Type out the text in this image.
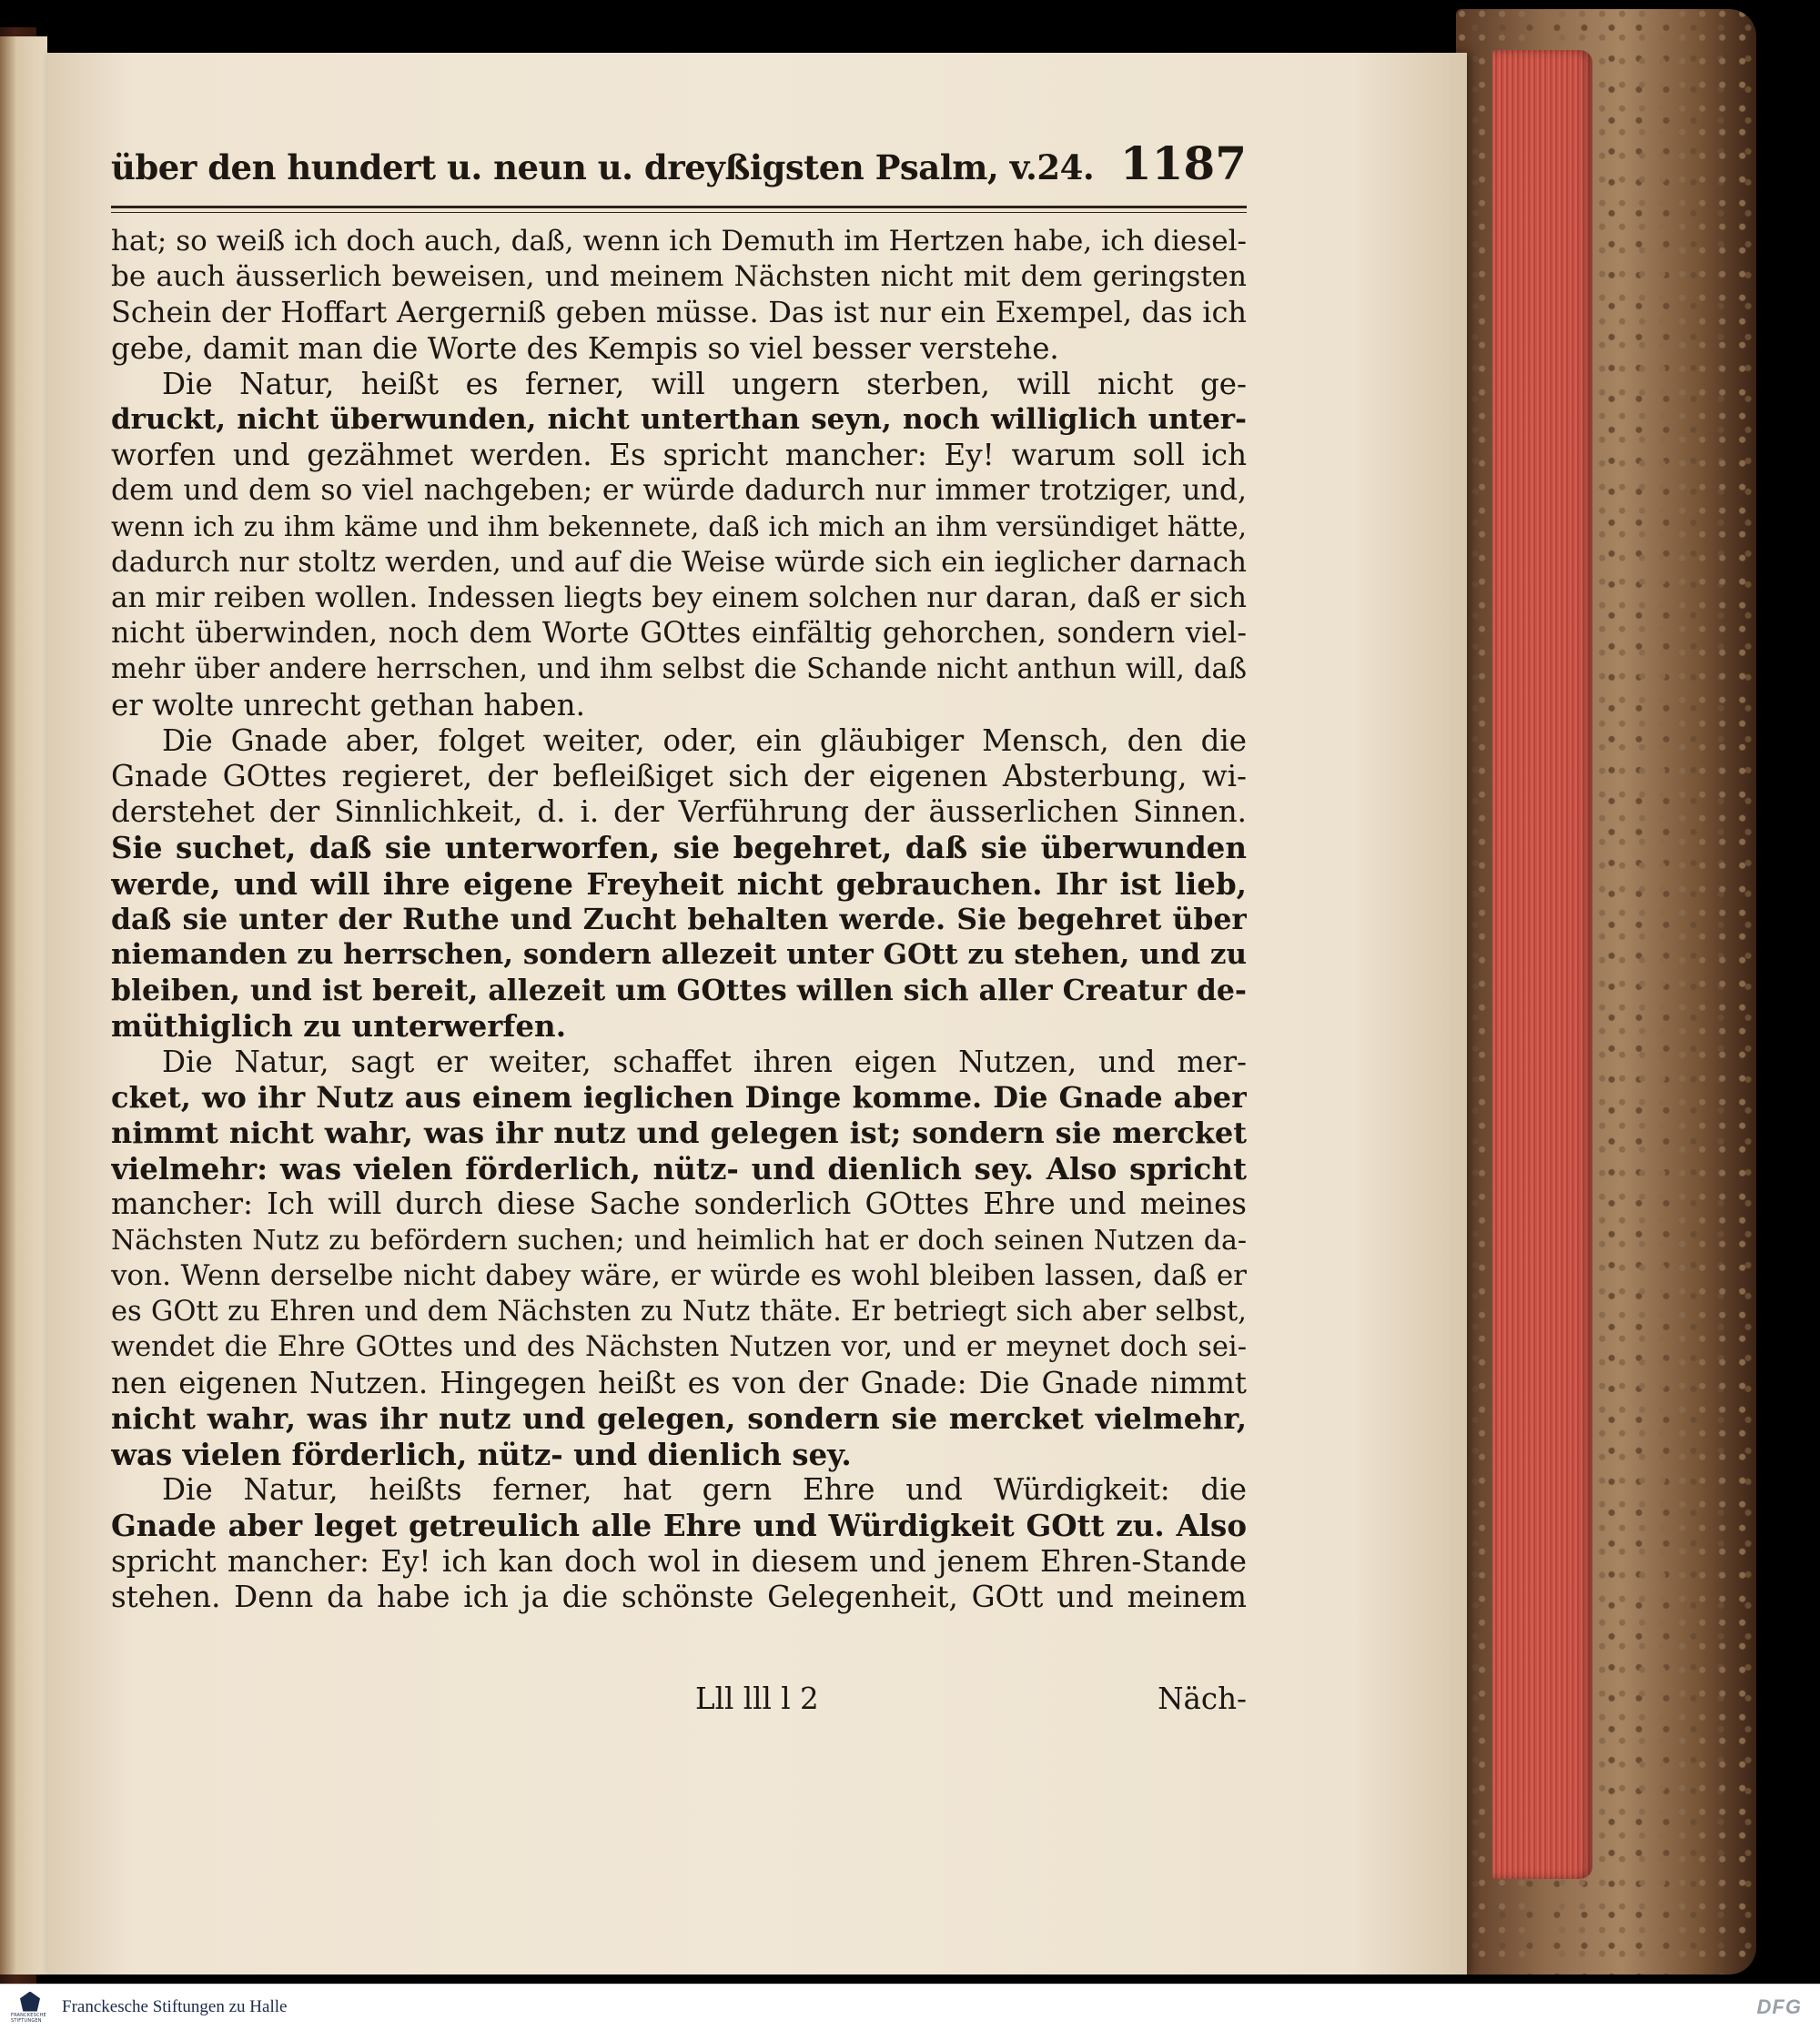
über den hundert u. neun u. dreyßigsten Psalm, v.24. 1187
hat; so weiß ich doch auch, daß, wenn ich Demuth im Hertzen habe, ich diesel-
be auch äusserlich beweisen, und meinem Nächsten nicht mit dem geringsten
Schein der Hoffart Aergerniß geben müsse. Das ist nur ein Exempel, das ich
gebe, damit man die Worte des Kempis so viel besser verstehe.
Die Natur, heißt es ferner, will ungern sterben, will nicht ge-
druckt, nicht überwunden, nicht unterthan seyn, noch williglich unter-
worfen und gezähmet werden. Es spricht mancher: Ey! warum soll ich
dem und dem so viel nachgeben; er würde dadurch nur immer trotziger, und,
wenn ich zu ihm käme und ihm bekennete, daß ich mich an ihm versündiget hätte,
dadurch nur stoltz werden, und auf die Weise würde sich ein ieglicher darnach
an mir reiben wollen. Indessen liegts bey einem solchen nur daran, daß er sich
nicht überwinden, noch dem Worte GOttes einfältig gehorchen, sondern viel-
mehr über andere herrschen, und ihm selbst die Schande nicht anthun will, daß
er wolte unrecht gethan haben.
Die Gnade aber, folget weiter, oder, ein gläubiger Mensch, den die
Gnade GOttes regieret, der befleißiget sich der eigenen Absterbung, wi-
derstehet der Sinnlichkeit, d. i. der Verführung der äusserlichen Sinnen.
Sie suchet, daß sie unterworfen, sie begehret, daß sie überwunden
werde, und will ihre eigene Freyheit nicht gebrauchen. Ihr ist lieb,
daß sie unter der Ruthe und Zucht behalten werde. Sie begehret über
niemanden zu herrschen, sondern allezeit unter GOtt zu stehen, und zu
bleiben, und ist bereit, allezeit um GOttes willen sich aller Creatur de-
müthiglich zu unterwerfen.
Die Natur, sagt er weiter, schaffet ihren eigen Nutzen, und mer-
cket, wo ihr Nutz aus einem ieglichen Dinge komme. Die Gnade aber
nimmt nicht wahr, was ihr nutz und gelegen ist; sondern sie mercket
vielmehr: was vielen förderlich, nütz- und dienlich sey. Also spricht
mancher: Ich will durch diese Sache sonderlich GOttes Ehre und meines
Nächsten Nutz zu befördern suchen; und heimlich hat er doch seinen Nutzen da-
von. Wenn derselbe nicht dabey wäre, er würde es wohl bleiben lassen, daß er
es GOtt zu Ehren und dem Nächsten zu Nutz thäte. Er betriegt sich aber selbst,
wendet die Ehre GOttes und des Nächsten Nutzen vor, und er meynet doch sei-
nen eigenen Nutzen. Hingegen heißt es von der Gnade: Die Gnade nimmt
nicht wahr, was ihr nutz und gelegen, sondern sie mercket vielmehr,
was vielen förderlich, nütz- und dienlich sey.
Die Natur, heißts ferner, hat gern Ehre und Würdigkeit: die
Gnade aber leget getreulich alle Ehre und Würdigkeit GOtt zu. Also
spricht mancher: Ey! ich kan doch wol in diesem und jenem Ehren-Stande
stehen. Denn da habe ich ja die schönste Gelegenheit, GOtt und meinem
Lll lll l 2	Näch-
FRANCKESCHE STIFTUNGEN
Franckesche Stiftungen zu Halle	DFG
